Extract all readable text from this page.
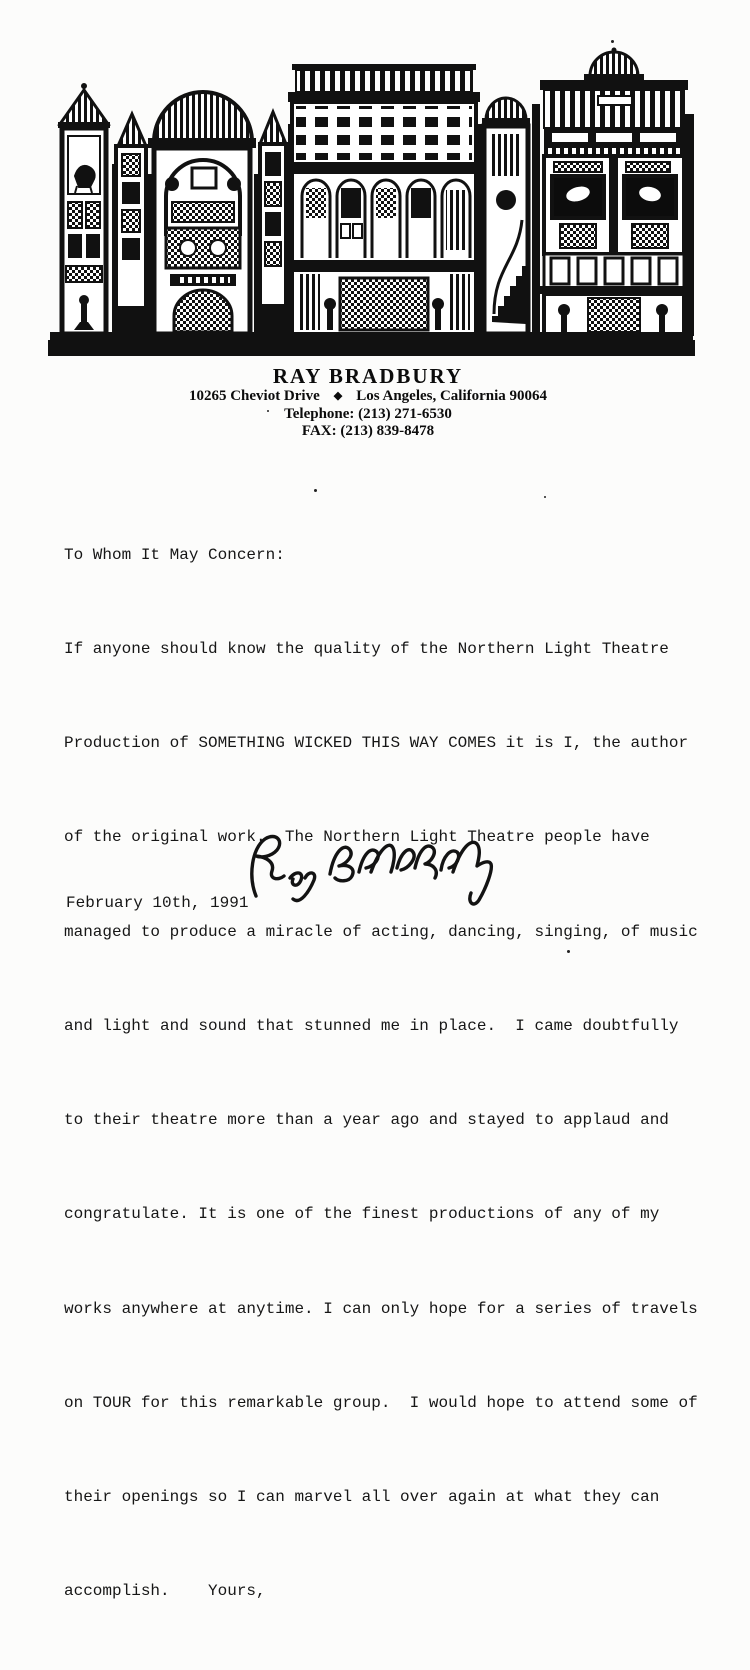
RAY BRADBURY
10265 Cheviot Drive ◆ Los Angeles, California 90064
Telephone: (213) 271-6530
FAX: (213) 839-8478

To Whom It May Concern:

If anyone should know the quality of the Northern Light Theatre

Production of SOMETHING WICKED THIS WAY COMES it is I, the author

of the original work.  The Northern Light Theatre people have

managed to produce a miracle of acting, dancing, singing, of music

and light and sound that stunned me in place.  I came doubtfully

to their theatre more than a year ago and stayed to applaud and

congratulate. It is one of the finest productions of any of my

works anywhere at anytime. I can only hope for a series of travels

on TOUR for this remarkable group.  I would hope to attend some of

their openings so I can marvel all over again at what they can

accomplish.    Yours,

February 10th, 1991
